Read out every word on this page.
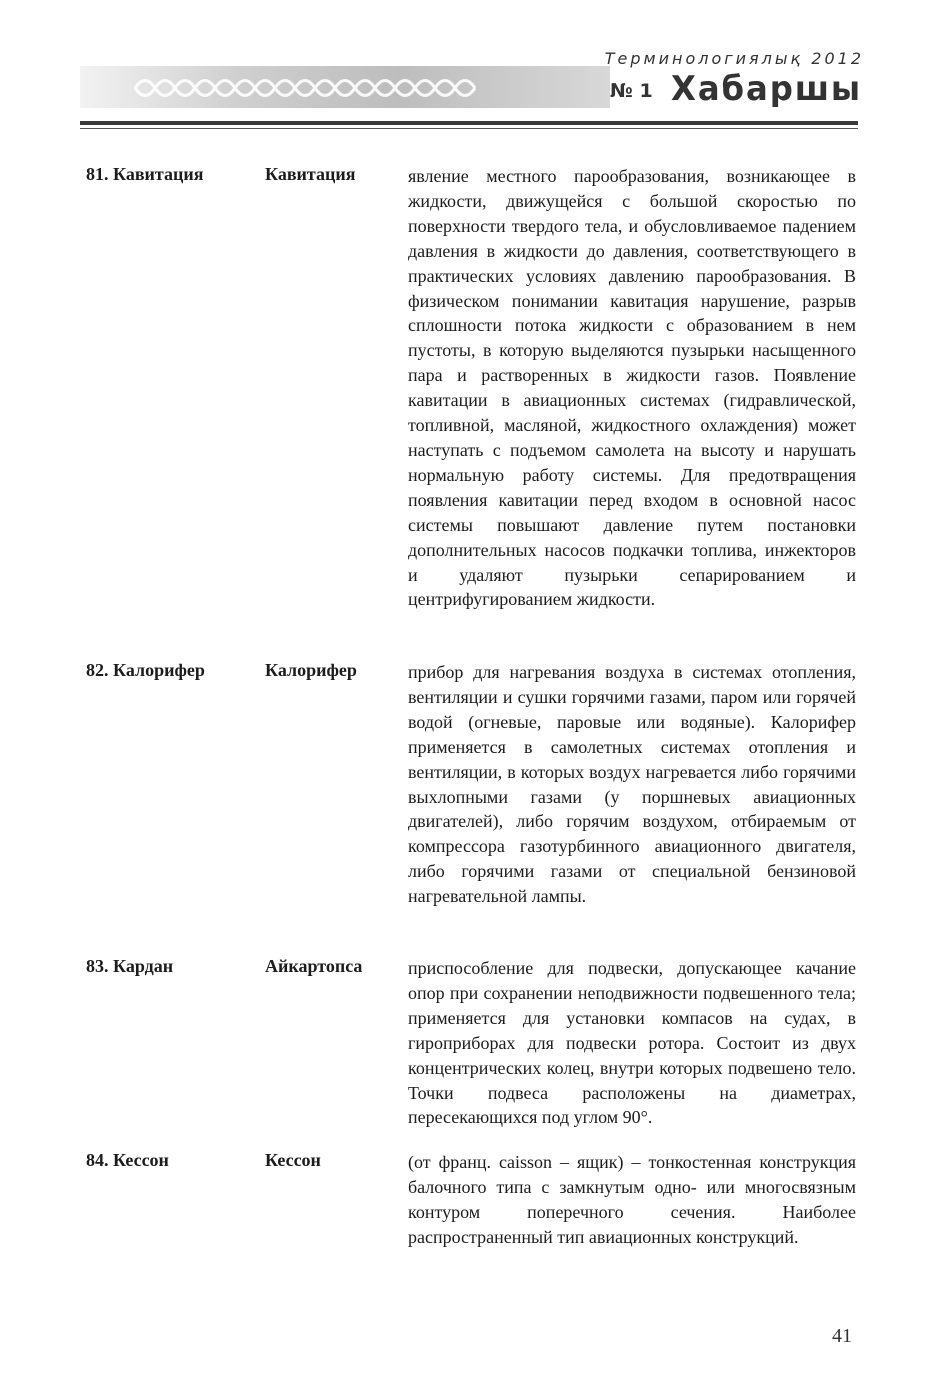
Терминологиялық 2012
№ 1 Хабаршы
81. Кавитация	Кавитация	явление местного парообразования, возникающее в жидкости, движущейся с большой скоростью по поверхности твердого тела, и обусловливаемое падением давления в жидкости до давления, соответствующего в практических условиях давлению парообразования. В физическом понимании кавитация нарушение, разрыв сплошности потока жидкости с образованием в нем пустоты, в которую выделяются пузырьки насыщенного пара и растворенных в жидкости газов. Появление кавитации в авиационных системах (гидравлической, топливной, масляной, жидкостного охлаждения) может наступать с подъемом самолета на высоту и нарушать нормальную работу системы. Для предотвращения появления кавитации перед входом в основной насос системы повышают давление путем постановки дополнительных насосов подкачки топлива, инжекторов и удаляют пузырьки сепарированием и центрифугированием жидкости.

82. Калорифер	Калорифер	прибор для нагревания воздуха в системах отопления, вентиляции и сушки горячими газами, паром или горячей водой (огневые, паровые или водяные). Калорифер применяется в самолетных системах отопления и вентиляции, в которых воздух нагревается либо горячими выхлопными газами (у поршневых авиационных двигателей), либо горячим воздухом, отбираемым от компрессора газотурбинного авиационного двигателя, либо горячими газами от специальной бензиновой нагревательной лампы.

83. Кардан	Айкартопса	приспособление для подвески, допускающее качание опор при сохранении неподвижности подвешенного тела; применяется для установки компасов на судах, в гироприборах для подвески ротора. Состоит из двух концентрических колец, внутри которых подвешено тело. Точки подвеса расположены на диаметрах, пересекающихся под углом 90°.

84. Кессон	Кессон	(от франц. caisson – ящик) – тонкостенная конструкция балочного типа с замкнутым одно- или многосвязным контуром поперечного сечения. Наиболее распространенный тип авиационных конструкций.

41
